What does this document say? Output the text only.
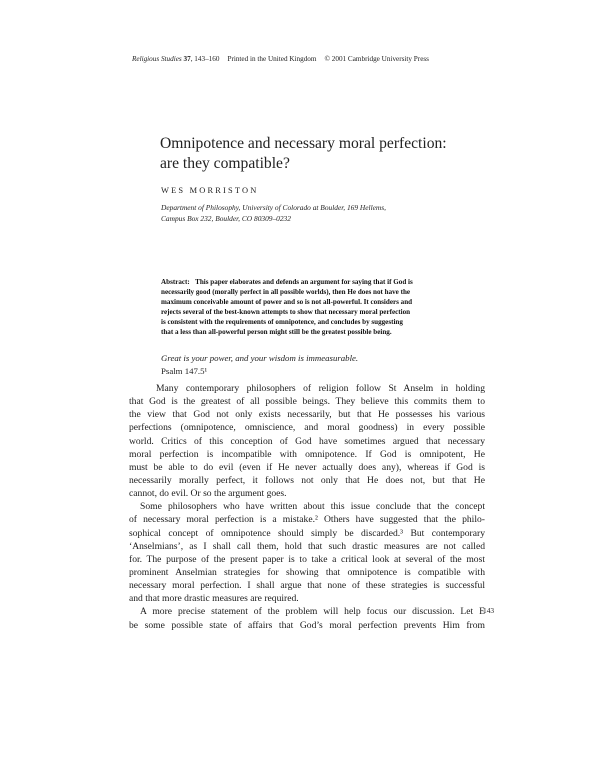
Religious Studies 37, 143–160 Printed in the United Kingdom © 2001 Cambridge University Press
Omnipotence and necessary moral perfection:
are they compatible?
WES MORRISTON
Department of Philosophy, University of Colorado at Boulder, 169 Hellems,
Campus Box 232, Boulder, CO 80309–0232
Abstract: This paper elaborates and defends an argument for saying that if God is
necessarily good (morally perfect in all possible worlds), then He does not have the
maximum conceivable amount of power and so is not all-powerful. It considers and
rejects several of the best-known attempts to show that necessary moral perfection
is consistent with the requirements of omnipotence, and concludes by suggesting
that a less than all-powerful person might still be the greatest possible being.
Great is your power, and your wisdom is immeasurable.
Psalm 147.5¹
Many contemporary philosophers of religion follow St Anselm in holding
that God is the greatest of all possible beings. They believe this commits them to
the view that God not only exists necessarily, but that He possesses his various
perfections (omnipotence, omniscience, and moral goodness) in every possible
world. Critics of this conception of God have sometimes argued that necessary
moral perfection is incompatible with omnipotence. If God is omnipotent, He
must be able to do evil (even if He never actually does any), whereas if God is
necessarily morally perfect, it follows not only that He does not, but that He
cannot, do evil. Or so the argument goes.
Some philosophers who have written about this issue conclude that the concept
of necessary moral perfection is a mistake.² Others have suggested that the philo-
sophical concept of omnipotence should simply be discarded.³ But contemporary
‘Anselmians’, as I shall call them, hold that such drastic measures are not called
for. The purpose of the present paper is to take a critical look at several of the most
prominent Anselmian strategies for showing that omnipotence is compatible with
necessary moral perfection. I shall argue that none of these strategies is successful
and that more drastic measures are required.
A more precise statement of the problem will help focus our discussion. Let E
be some possible state of affairs that God’s moral perfection prevents Him from
143
